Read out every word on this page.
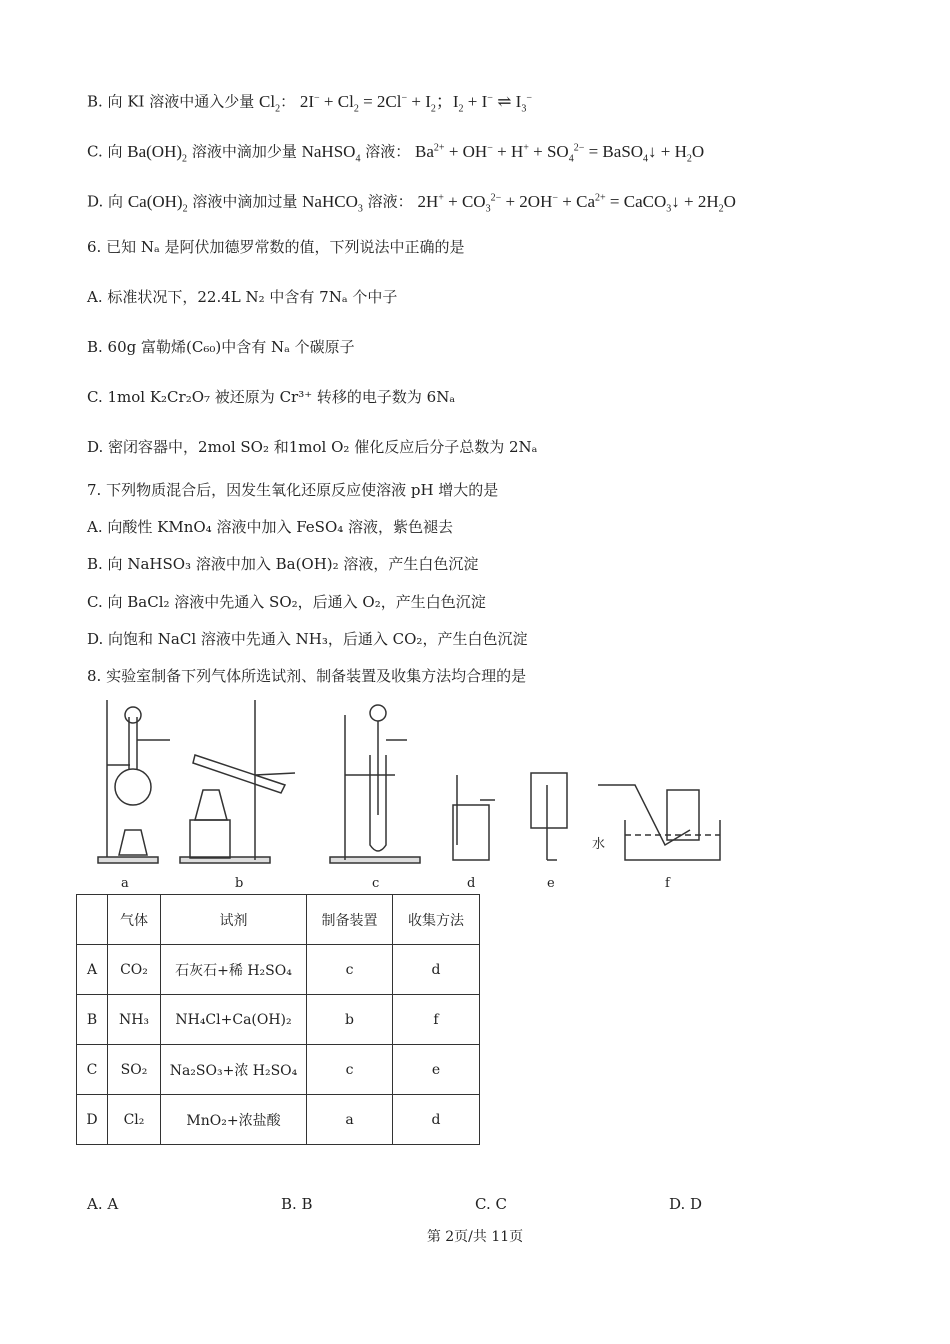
B. 向 KI 溶液中通入少量 $Cl_2$： $2I^- + Cl_2 = 2Cl^- + I_2$；$I_2 + I^-$ ⇌ $I_3^-$
C. 向 $Ba(OH)_2$ 溶液中滴加少量 NaHSO$_4$ 溶液： $Ba^{2+} + OH^- + H^+ + SO_4^{2-}$ = BaSO$_4$↓ + $H_2O$
D. 向 $Ca(OH)_2$ 溶液中滴加过量 NaHCO$_3$ 溶液： $2H^+ + CO_3^{2-} + 2OH^- + Ca^{2+}$ = CaCO$_3$↓ + $2H_2O$
6. 已知 Nₐ 是阿伏加德罗常数的值，下列说法中正确的是
A. 标准状况下，22.4L N₂ 中含有 7Nₐ 个中子
B. 60g 富勒烯(C₆₀)中含有 Nₐ 个碳原子
C. 1mol K₂Cr₂O₇ 被还原为 Cr³⁺ 转移的电子数为 6Nₐ
D. 密闭容器中，2mol SO₂ 和1mol O₂ 催化反应后分子总数为 2Nₐ
7. 下列物质混合后，因发生氧化还原反应使溶液 pH 增大的是
A. 向酸性 KMnO₄ 溶液中加入 FeSO₄ 溶液，紫色褪去
B. 向 NaHSO₃ 溶液中加入 Ba(OH)₂ 溶液，产生白色沉淀
C. 向 BaCl₂ 溶液中先通入 SO₂，后通入 O₂，产生白色沉淀
D. 向饱和 NaCl 溶液中先通入 NH₃，后通入 CO₂，产生白色沉淀
8. 实验室制备下列气体所选试剂、制备装置及收集方法均合理的是
水
a	b	c	d	e	f
	气体	试剂	制备装置	收集方法
A	CO₂	石灰石+稀 H₂SO₄	c	d
B	NH₃	NH₄Cl+Ca(OH)₂	b	f
C	SO₂	Na₂SO₃+浓 H₂SO₄	c	e
D	Cl₂	MnO₂+浓盐酸	a	d
A. A	B. B	C. C	D. D
第 2页/共 11页
